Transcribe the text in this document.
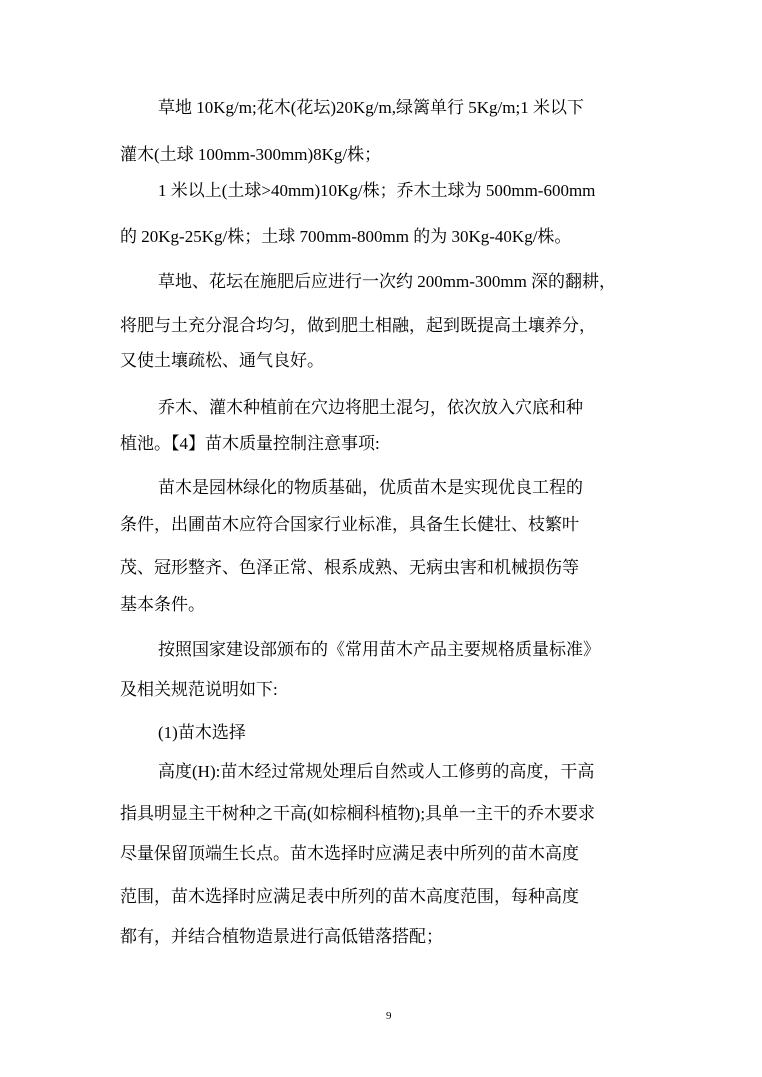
草地 10Kg/m;花木(花坛)20Kg/m,绿篱单行 5Kg/m;1 米以下

灌木(土球 100mm-300mm)8Kg/株；

1 米以上(土球>40mm)10Kg/株；乔木土球为 500mm-600mm

的 20Kg-25Kg/株；土球 700mm-800mm 的为 30Kg-40Kg/株。

草地、花坛在施肥后应进行一次约 200mm-300mm 深的翻耕，

将肥与土充分混合均匀，做到肥土相融，起到既提高土壤养分，

又使土壤疏松、通气良好。

乔木、灌木种植前在穴边将肥土混匀，依次放入穴底和种

植池。【4】苗木质量控制注意事项:

苗木是园林绿化的物质基础，优质苗木是实现优良工程的

条件，出圃苗木应符合国家行业标准，具备生长健壮、枝繁叶

茂、冠形整齐、色泽正常、根系成熟、无病虫害和机械损伤等

基本条件。

按照国家建设部颁布的《常用苗木产品主要规格质量标准》

及相关规范说明如下:

(1)苗木选择

高度(H):苗木经过常规处理后自然或人工修剪的高度，干高

指具明显主干树种之干高(如棕榈科植物);具单一主干的乔木要求

尽量保留顶端生长点。苗木选择时应满足表中所列的苗木高度

范围，苗木选择时应满足表中所列的苗木高度范围，每种高度

都有，并结合植物造景进行高低错落搭配；

9
